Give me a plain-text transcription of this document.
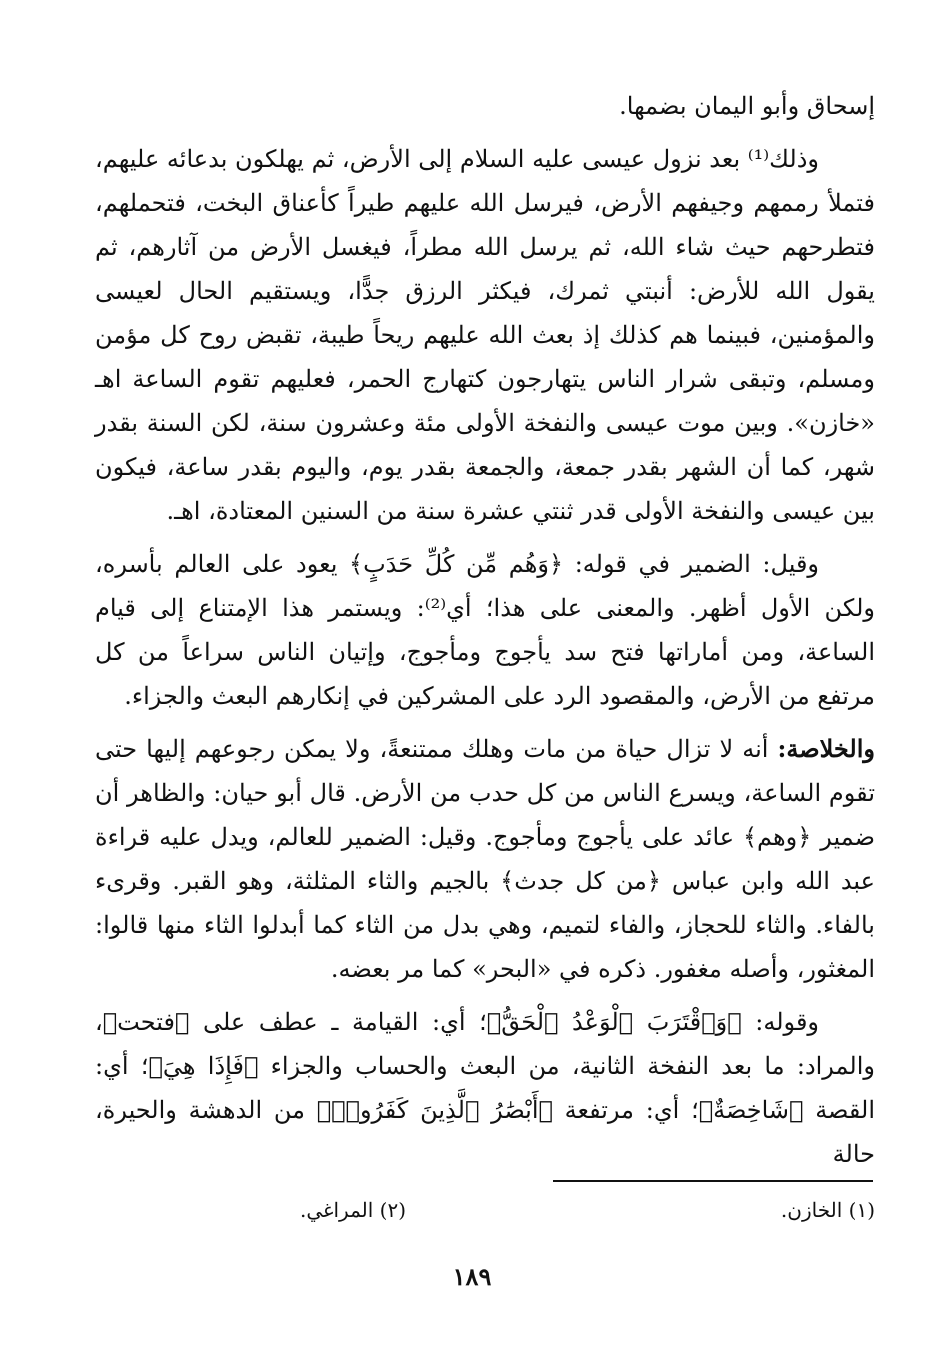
إسحاق وأبو اليمان بضمها.

وذلك⁽¹⁾ بعد نزول عيسى عليه السلام إلى الأرض، ثم يهلكون بدعائه عليهم، فتملأ رممهم وجيفهم الأرض، فيرسل الله عليهم طيراً كأعناق البخت، فتحملهم، فتطرحهم حيث شاء الله، ثم يرسل الله مطراً، فيغسل الأرض من آثارهم، ثم يقول الله للأرض: أنبتي ثمرك، فيكثر الرزق جدًّا، ويستقيم الحال لعيسى والمؤمنين، فبينما هم كذلك إذ بعث الله عليهم ريحاً طيبة، تقبض روح كل مؤمن ومسلم، وتبقى شرار الناس يتهارجون كتهارج الحمر، فعليهم تقوم الساعة اهـ «خازن». وبين موت عيسى والنفخة الأولى مئة وعشرون سنة، لكن السنة بقدر شهر، كما أن الشهر بقدر جمعة، والجمعة بقدر يوم، واليوم بقدر ساعة، فيكون بين عيسى والنفخة الأولى قدر ثنتي عشرة سنة من السنين المعتادة، اهـ.

وقيل: الضمير في قوله: ﴿وَهُم مِّن كُلِّ حَدَبٍ﴾ يعود على العالم بأسره، ولكن الأول أظهر. والمعنى على هذا؛ أي⁽²⁾: ويستمر هذا الإمتناع إلى قيام الساعة، ومن أماراتها فتح سد يأجوج ومأجوج، وإتيان الناس سراعاً من كل مرتفع من الأرض، والمقصود الرد على المشركين في إنكارهم البعث والجزاء.

والخلاصة: أنه لا تزال حياة من مات وهلك ممتنعةً، ولا يمكن رجوعهم إليها حتى تقوم الساعة، ويسرع الناس من كل حدب من الأرض. قال أبو حيان: والظاهر أن ضمير ﴿وهم﴾ عائد على يأجوج ومأجوج. وقيل: الضمير للعالم، ويدل عليه قراءة عبد الله وابن عباس ﴿من كل جدث﴾ بالجيم والثاء المثلثة، وهو القبر. وقرىء بالفاء. والثاء للحجاز، والفاء لتميم، وهي بدل من الثاء كما أبدلوا الثاء منها قالوا: المغثور، وأصله مغفور. ذكره في «البحر» كما مر بعضه.

وقوله: ﴿وَٱقْتَرَبَ ٱلْوَعْدُ ٱلْحَقُّ﴾؛ أي: القيامة ـ عطف على ﴿فتحت﴾، والمراد: ما بعد النفخة الثانية، من البعث والحساب والجزاء ﴿فَإِذَا هِيَ﴾؛ أي: القصة ﴿شَاخِصَةٌ﴾؛ أي: مرتفعة ﴿أَبْصَٰرُ ٱلَّذِينَ كَفَرُوا۟﴾ من الدهشة والحيرة، حالة

(١) الخازن.
(٢) المراغي.
١٨٩
